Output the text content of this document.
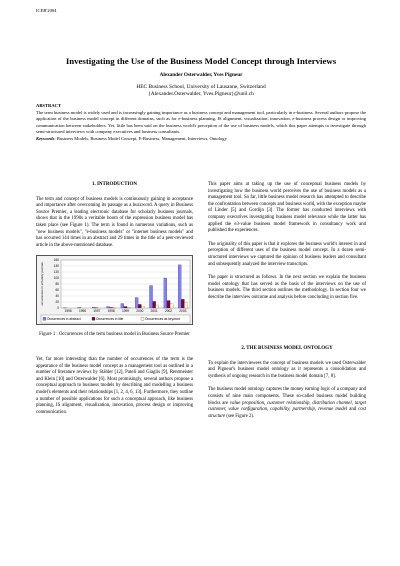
ICEB'2004
Investigating the Use of the Business Model Concept through Interviews
Alexander Osterwalder, Yves Pigneur
HEC Business School, University of Lausanne, Switzerland
{Alexander.Osterwalder, Yves.Pigneur}@unil.ch
ABSTRACT
The term business model is widely used and is increasingly gaining importance as a business concept and management tool, particularly in e-business. Several authors propose the application of the business model concept in different domains, such as for e-business planning, IS alignment, visualization, innovation, e-business process design or improving communication between stakeholders. Yet, little has been said on the business world's perception of the use of business models, which this paper attempts to investigate through semi-structured interviews with company executives and business consultants.
Keywords: Business Models, Business Model Concept, E-Business, Management, Interviews, Ontology
1. INTRODUCTION
The term and concept of business models is continuously gaining in acceptance and importance after overcoming its passage as a buzzword. A query in Business Source Premier, a leading electronic database for scholarly business journals, shows that in the 1990s a veritable boom of the expression business model has taken place (see Figure 1). The term is found in numerous variations, such as "new business models", "e-business models" or "internet business models" and has occurred 144 times in an abstract and 29 times in the title of a peer-reviewed article in the above-mentioned database.
0
20
40
60
80
100
120
140
160
occurrences in scholarly journals
1995 1996 1997 1998 1999 2000 2001 2002 2003
Occurrences in abstract	Occurrences in title	Occurrences as keyword
Figure 1 : Occurrences of the term business model in Business Source Premier
Yet, far more interesting than the number of occurrences of the term is the appearance of the business model concept as a management tool as outlined in a number of literature reviews by Stähler [12], Pateli and Giaglis [9], Rentmeister and Klein [10] and Osterwalder [6]. Most promisingly, several authors propose a conceptual approach to business models by describing and modelling a business model's elements and their relationships [1, 2, 4, 6, 13]. Furthermore, they outline a number of possible applications for such a conceptual approach, like business planning, IS alignment, visualization, innovation, process design or improving communication.
This paper aims at taking up the use of conceptual business models by investigating how the business world perceives the use of business models as a management tool. So far, little business model research has attempted to describe the confrontation between concepts and business world, with the exception maybe of Linder [5] and Gordijn [3]. The former has conducted interviews with company executives investigating business model relevance while the latter has applied the e3-value business model framework in consultancy work and published the experiences.
The originality of this paper is that it explores the business world's interest in and perception of different uses of the business model concept. In a dozen semi-structured interviews we captured the opinion of business leaders and consultant and subsequently analyzed the interview transcripts.
The paper is structured as follows. In the next section we explain the business model ontology that has served as the basis of the interviews on the use of business models. The third section outlines the methodology. In section four we describe the interview outcome and analysis before concluding in section five.
2. THE BUSINESS MODEL ONTOLOGY
To explain the interviewees the concept of business models we used Osterwalder and Pigneur's business model ontology as it represents a consolidation and synthesis of ongoing research in the business model domain [7, 8].
The business model ontology captures the money earning logic of a company and consists of nine main components. These so-called business model building blocks are value proposition, customer relationship, distribution channel, target customer, value configuration, capability, partnership, revenue model and cost structure (see Figure 2).
